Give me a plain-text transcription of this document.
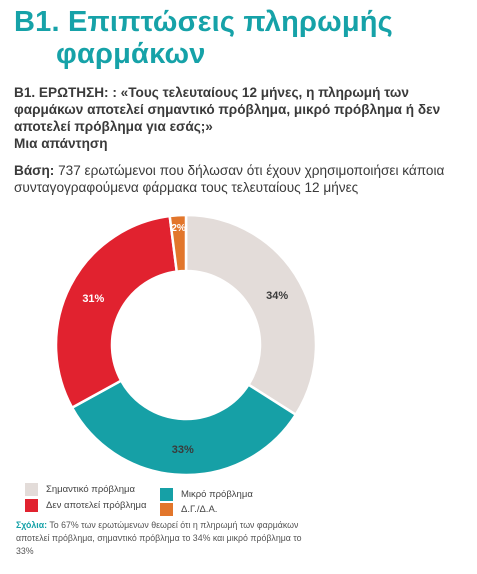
Β1. Επιπτώσεις πληρωμής
φαρμάκων
Β1. ΕΡΩΤΗΣΗ: : «Τους τελευταίους 12 μήνες, η πληρωμή των φαρμάκων αποτελεί σημαντικό πρόβλημα, μικρό πρόβλημα ή δεν αποτελεί πρόβλημα για εσάς;»
Μια απάντηση
Βάση: 737 ερωτώμενοι που δήλωσαν ότι έχουν χρησιμοποιήσει κάποια συνταγογραφούμενα φάρμακα τους τελευταίους 12 μήνες
34%
33%
31%
2%
Σημαντικό πρόβλημα	Μικρό πρόβλημα
Δεν αποτελεί πρόβλημα	Δ.Γ./Δ.Α.
Σχόλια: Το 67% των ερωτώμενων θεωρεί ότι η πληρωμή των φαρμάκων αποτελεί πρόβλημα, σημαντικό πρόβλημα το 34% και μικρό πρόβλημα το 33%
